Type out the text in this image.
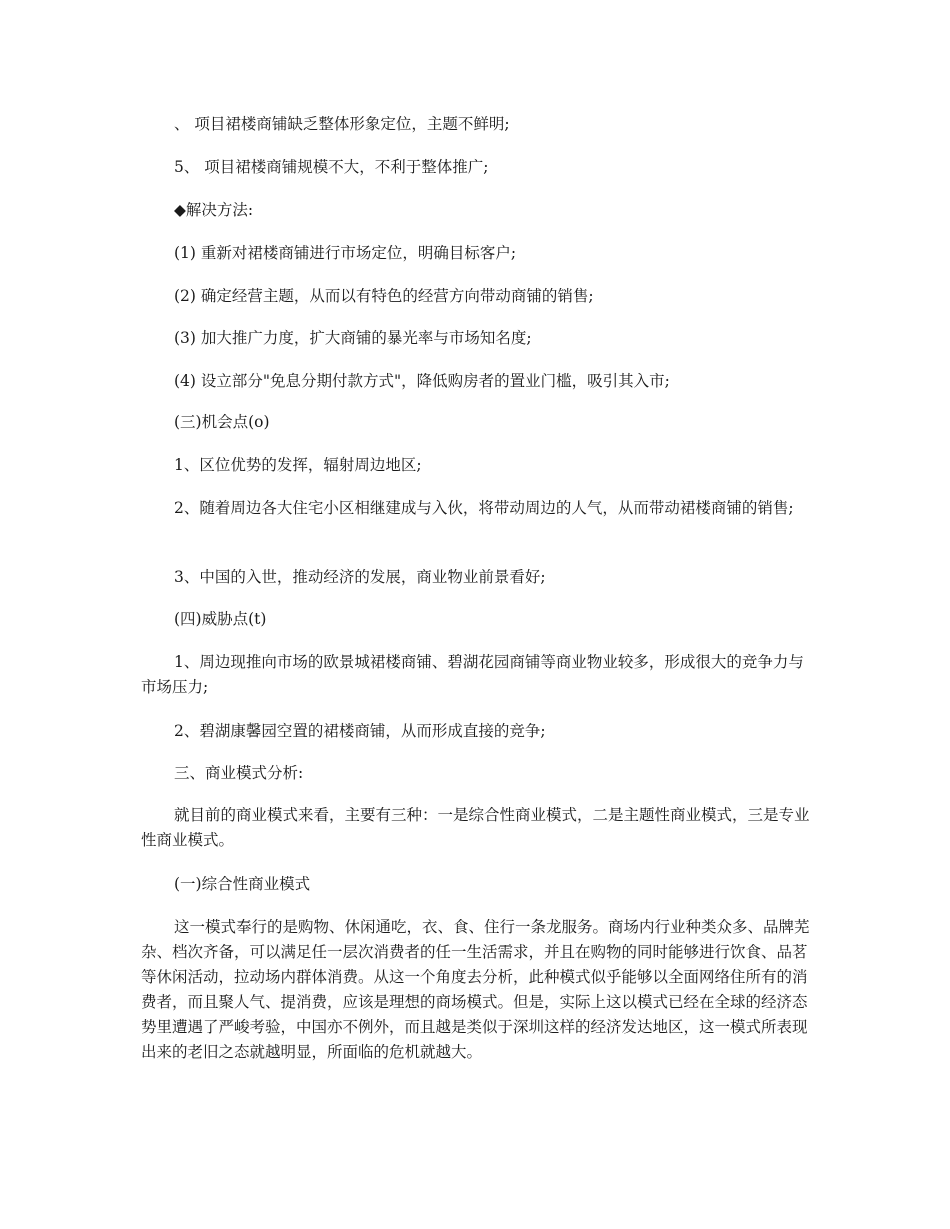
、 项目裙楼商铺缺乏整体形象定位，主题不鲜明;

5、 项目裙楼商铺规模不大，不利于整体推广;

◆解决方法:

(1) 重新对裙楼商铺进行市场定位，明确目标客户;

(2) 确定经营主题，从而以有特色的经营方向带动商铺的销售;

(3) 加大推广力度，扩大商铺的暴光率与市场知名度;

(4) 设立部分"免息分期付款方式"，降低购房者的置业门槛，吸引其入市;

(三)机会点(o)

1、区位优势的发挥，辐射周边地区;

2、随着周边各大住宅小区相继建成与入伙，将带动周边的人气，从而带动裙楼商铺的销售;

3、中国的入世，推动经济的发展，商业物业前景看好;

(四)威胁点(t)

1、周边现推向市场的欧景城裙楼商铺、碧湖花园商铺等商业物业较多，形成很大的竞争力与市场压力;

2、碧湖康馨园空置的裙楼商铺，从而形成直接的竞争;

三、商业模式分析:

就目前的商业模式来看，主要有三种：一是综合性商业模式，二是主题性商业模式，三是专业性商业模式。

(一)综合性商业模式

这一模式奉行的是购物、休闲通吃，衣、食、住行一条龙服务。商场内行业种类众多、品牌芜杂、档次齐备，可以满足任一层次消费者的任一生活需求，并且在购物的同时能够进行饮食、品茗等休闲活动，拉动场内群体消费。从这一个角度去分析，此种模式似乎能够以全面网络住所有的消费者，而且聚人气、提消费，应该是理想的商场模式。但是，实际上这以模式已经在全球的经济态势里遭遇了严峻考验，中国亦不例外，而且越是类似于深圳这样的经济发达地区，这一模式所表现出来的老旧之态就越明显，所面临的危机就越大。
